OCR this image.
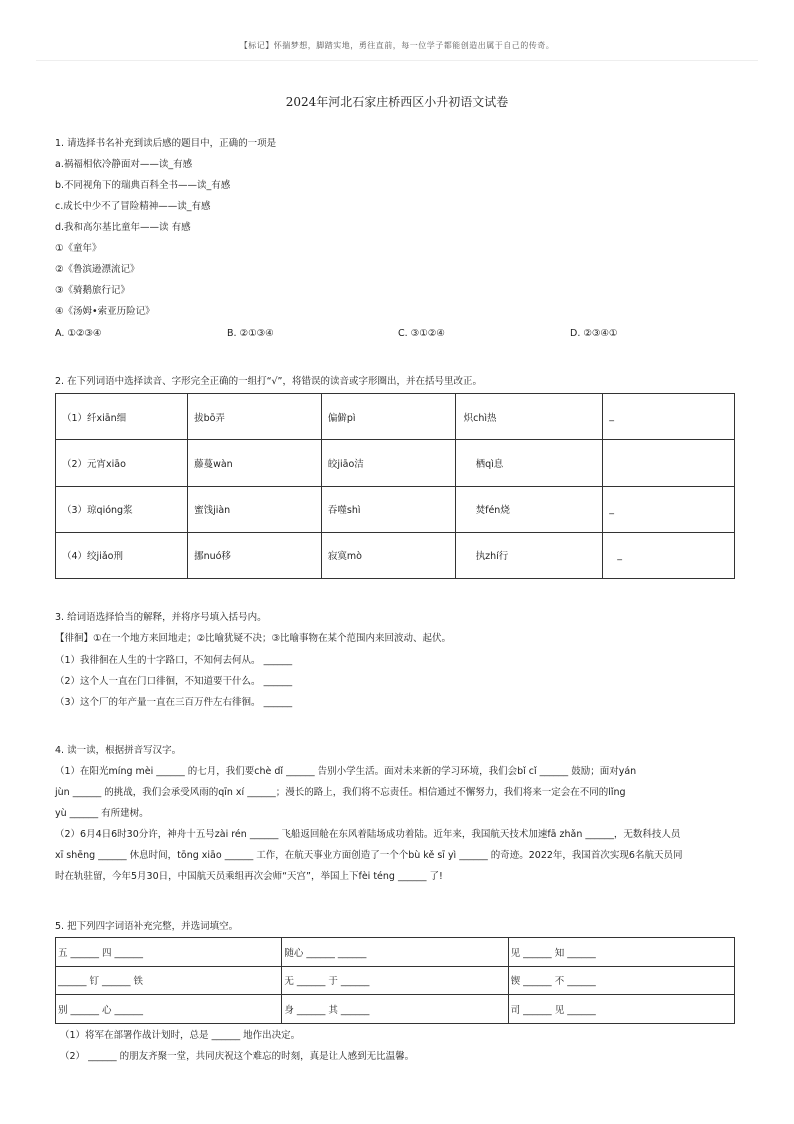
【标记】怀揣梦想，脚踏实地，勇往直前，每一位学子都能创造出属于自己的传奇。
2024年河北石家庄桥西区小升初语文试卷
1. 请选择书名补充到读后感的题目中，正确的一项是
a.祸福相依冷静面对——读_有感
b.不同视角下的瑞典百科全书——读_有感
c.成长中少不了冒险精神——读_有感
d.我和高尔基比童年——读 有感
①《童年》
②《鲁滨逊漂流记》
③《骑鹅旅行记》
④《汤姆•索亚历险记》
A. ①②③④	B. ②①③④	C. ③①②④	D. ②③④①
2. 在下列词语中选择读音、字形完全正确的一组打“√”，将错误的读音或字形圈出，并在括号里改正。
（1）纤xiān细	拔bō弄	偏僻pì	炽chì热	_
（2）元宵xiāo	藤蔓wàn	皎jiāo洁	栖qì息	
（3）琼qióng浆	蜜饯jiàn	吞噬shì	焚fén烧	_
（4）绞jiǎo刑	挪nuó移	寂寞mò	执zhí行	_
3. 给词语选择恰当的解释，并将序号填入括号内。
【徘徊】①在一个地方来回地走；②比喻犹疑不决；③比喻事物在某个范围内来回波动、起伏。
（1）我徘徊在人生的十字路口，不知何去何从。 ______
（2）这个人一直在门口徘徊，不知道要干什么。 ______
（3）这个厂的年产量一直在三百万件左右徘徊。 ______
4. 读一读，根据拼音写汉字。
（1）在阳光míng mèi ______ 的七月，我们要chè dǐ ______ 告别小学生活。面对未来新的学习环境，我们会bǐ cǐ ______ 鼓励；面对yán
jùn ______ 的挑战，我们会承受风雨的qīn xí ______；漫长的路上，我们将不忘责任。相信通过不懈努力，我们将来一定会在不同的lǐng
yù ______ 有所建树。
（2）6月4日6时30分许，神舟十五号zài rén ______ 飞船返回舱在东风着陆场成功着陆。近年来，我国航天技术加速fā zhǎn ______，无数科技人员
xī shēng ______ 休息时间，tōng xiāo ______ 工作，在航天事业方面创造了一个个bù kě sī yì ______ 的奇迹。2022年，我国首次实现6名航天员同
时在轨驻留，今年5月30日，中国航天员乘组再次会师“天宫”，举国上下fèi téng ______ 了!
5. 把下列四字词语补充完整，并选词填空。
五 ______ 四 ______	随心 ______ ______	见 ______ 知 ______
______ 钉 ______ 铁	无 ______ 于 ______	锲 ______ 不 ______
别 ______ 心 ______	身 ______ 其 ______	司 ______ 见 ______
（1）将军在部署作战计划时，总是 ______ 地作出决定。
（2） ______ 的朋友齐聚一堂，共同庆祝这个难忘的时刻，真是让人感到无比温馨。
